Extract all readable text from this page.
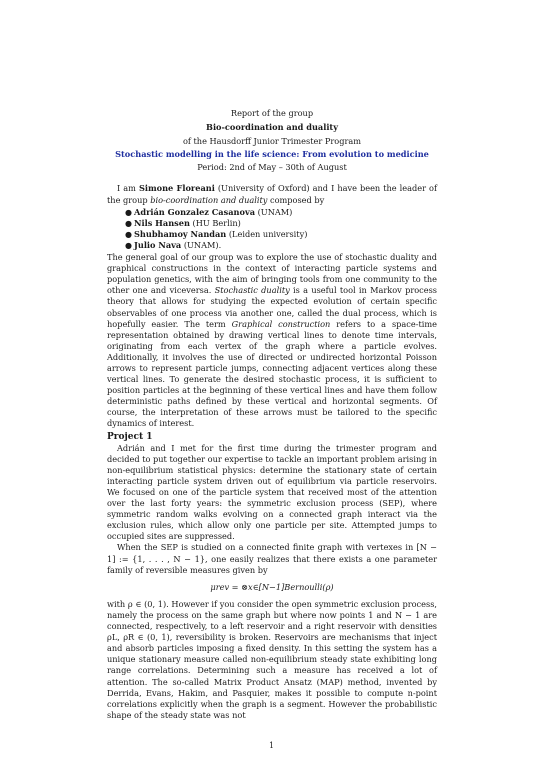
Report of the group
Bio-coordination and duality
of the Hausdorff Junior Trimester Program
Stochastic modelling in the life science: From evolution to medicine
Period: 2nd of May – 30th of August

I am Simone Floreani (University of Oxford) and I have been the leader of the group bio-coordination and duality composed by

● Adrián Gonzalez Casanova (UNAM)
● Nils Hansen (HU Berlin)
● Shubhamoy Nandan (Leiden university)
● Julio Nava (UNAM).

The general goal of our group was to explore the use of stochastic duality and graphical constructions in the context of interacting particle systems and population genetics, with the aim of bringing tools from one community to the other one and viceversa. Stochastic duality is a useful tool in Markov process theory that allows for studying the expected evolution of certain specific observables of one process via another one, called the dual process, which is hopefully easier. The term Graphical construction refers to a space-time representation obtained by drawing vertical lines to denote time intervals, originating from each vertex of the graph where a particle evolves. Additionally, it involves the use of directed or undirected horizontal Poisson arrows to represent particle jumps, connecting adjacent vertices along these vertical lines. To generate the desired stochastic process, it is sufficient to position particles at the beginning of these vertical lines and have them follow deterministic paths defined by these vertical and horizontal segments. Of course, the interpretation of these arrows must be tailored to the specific dynamics of interest.

Project 1

Adrián and I met for the first time during the trimester program and decided to put together our expertise to tackle an important problem arising in non-equilibrium statistical physics: determine the stationary state of certain interacting particle system driven out of equilibrium via particle reservoirs. We focused on one of the particle system that received most of the attention over the last forty years: the symmetric exclusion process (SEP), where symmetric random walks evolving on a connected graph interact via the exclusion rules, which allow only one particle per site. Attempted jumps to occupied sites are suppressed.

When the SEP is studied on a connected finite graph with vertexes in [N − 1] := {1, . . . , N − 1}, one easily realizes that there exists a one parameter family of reversible measures given by

μrev = ⊗x∈[N−1]Bernoulli(ρ)

with ρ ∈ (0, 1). However if you consider the open symmetric exclusion process, namely the process on the same graph but where now points 1 and N − 1 are connected, respectively, to a left reservoir and a right reservoir with densities ρL, ρR ∈ (0, 1), reversibility is broken. Reservoirs are mechanisms that inject and absorb particles imposing a fixed density. In this setting the system has a unique stationary measure called non-equilibrium steady state exhibiting long range correlations. Determining such a measure has received a lot of attention. The so-called Matrix Product Ansatz (MAP) method, invented by Derrida, Evans, Hakim, and Pasquier, makes it possible to compute n-point correlations explicitly when the graph is a segment. However the probabilistic shape of the steady state was not

1
